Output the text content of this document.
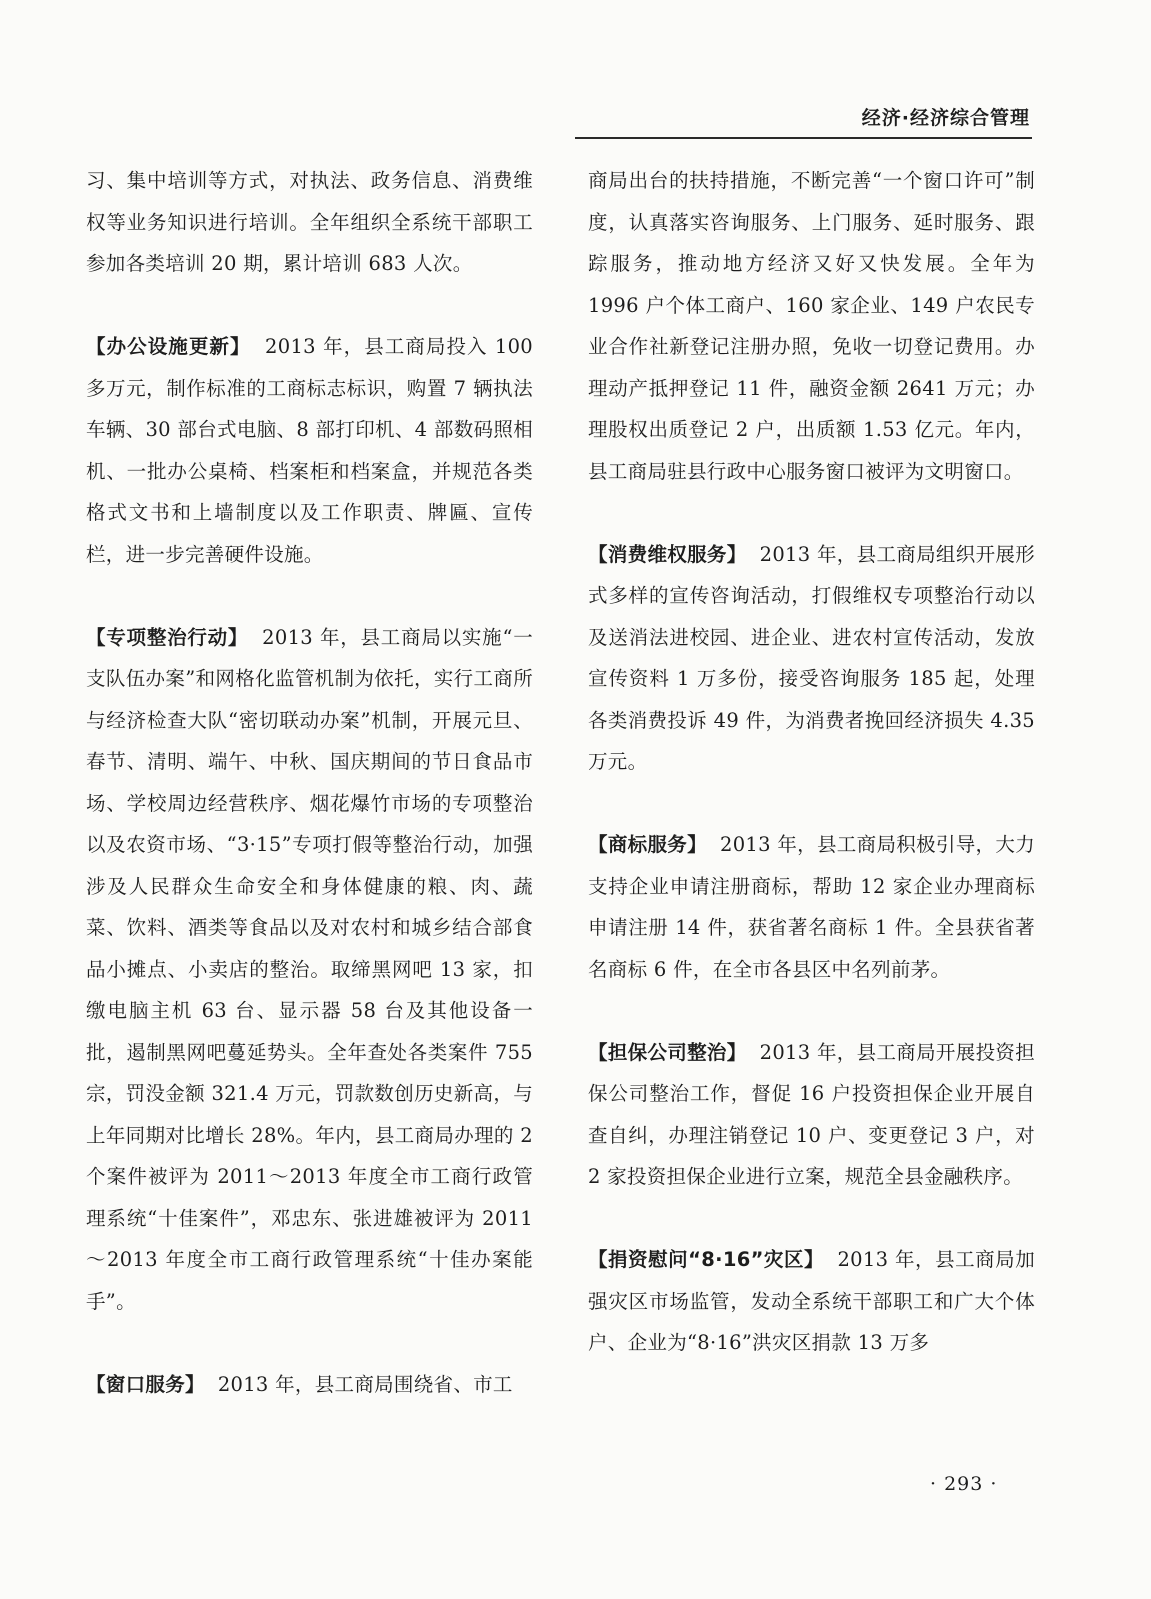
经济·经济综合管理

习、集中培训等方式，对执法、政务信息、消费维权等业务知识进行培训。全年组织全系统干部职工参加各类培训 20 期，累计培训 683 人次。

【办公设施更新】 2013 年，县工商局投入 100 多万元，制作标准的工商标志标识，购置 7 辆执法车辆、30 部台式电脑、8 部打印机、4 部数码照相机、一批办公桌椅、档案柜和档案盒，并规范各类格式文书和上墙制度以及工作职责、牌匾、宣传栏，进一步完善硬件设施。

【专项整治行动】 2013 年，县工商局以实施“一支队伍办案”和网格化监管机制为依托，实行工商所与经济检查大队“密切联动办案”机制，开展元旦、春节、清明、端午、中秋、国庆期间的节日食品市场、学校周边经营秩序、烟花爆竹市场的专项整治以及农资市场、“3·15”专项打假等整治行动，加强涉及人民群众生命安全和身体健康的粮、肉、蔬菜、饮料、酒类等食品以及对农村和城乡结合部食品小摊点、小卖店的整治。取缔黑网吧 13 家，扣缴电脑主机 63 台、显示器 58 台及其他设备一批，遏制黑网吧蔓延势头。全年查处各类案件 755 宗，罚没金额 321.4 万元，罚款数创历史新高，与上年同期对比增长 28%。年内，县工商局办理的 2 个案件被评为 2011～2013 年度全市工商行政管理系统“十佳案件”，邓忠东、张进雄被评为 2011～2013 年度全市工商行政管理系统“十佳办案能手”。

【窗口服务】 2013 年，县工商局围绕省、市工

商局出台的扶持措施，不断完善“一个窗口许可”制度，认真落实咨询服务、上门服务、延时服务、跟踪服务，推动地方经济又好又快发展。全年为 1996 户个体工商户、160 家企业、149 户农民专业合作社新登记注册办照，免收一切登记费用。办理动产抵押登记 11 件，融资金额 2641 万元；办理股权出质登记 2 户，出质额 1.53 亿元。年内，县工商局驻县行政中心服务窗口被评为文明窗口。

【消费维权服务】 2013 年，县工商局组织开展形式多样的宣传咨询活动，打假维权专项整治行动以及送消法进校园、进企业、进农村宣传活动，发放宣传资料 1 万多份，接受咨询服务 185 起，处理各类消费投诉 49 件，为消费者挽回经济损失 4.35 万元。

【商标服务】 2013 年，县工商局积极引导，大力支持企业申请注册商标，帮助 12 家企业办理商标申请注册 14 件，获省著名商标 1 件。全县获省著名商标 6 件，在全市各县区中名列前茅。

【担保公司整治】 2013 年，县工商局开展投资担保公司整治工作，督促 16 户投资担保企业开展自查自纠，办理注销登记 10 户、变更登记 3 户，对 2 家投资担保企业进行立案，规范全县金融秩序。

【捐资慰问“8·16”灾区】 2013 年，县工商局加强灾区市场监管，发动全系统干部职工和广大个体户、企业为“8·16”洪灾区捐款 13 万多

· 293 ·
